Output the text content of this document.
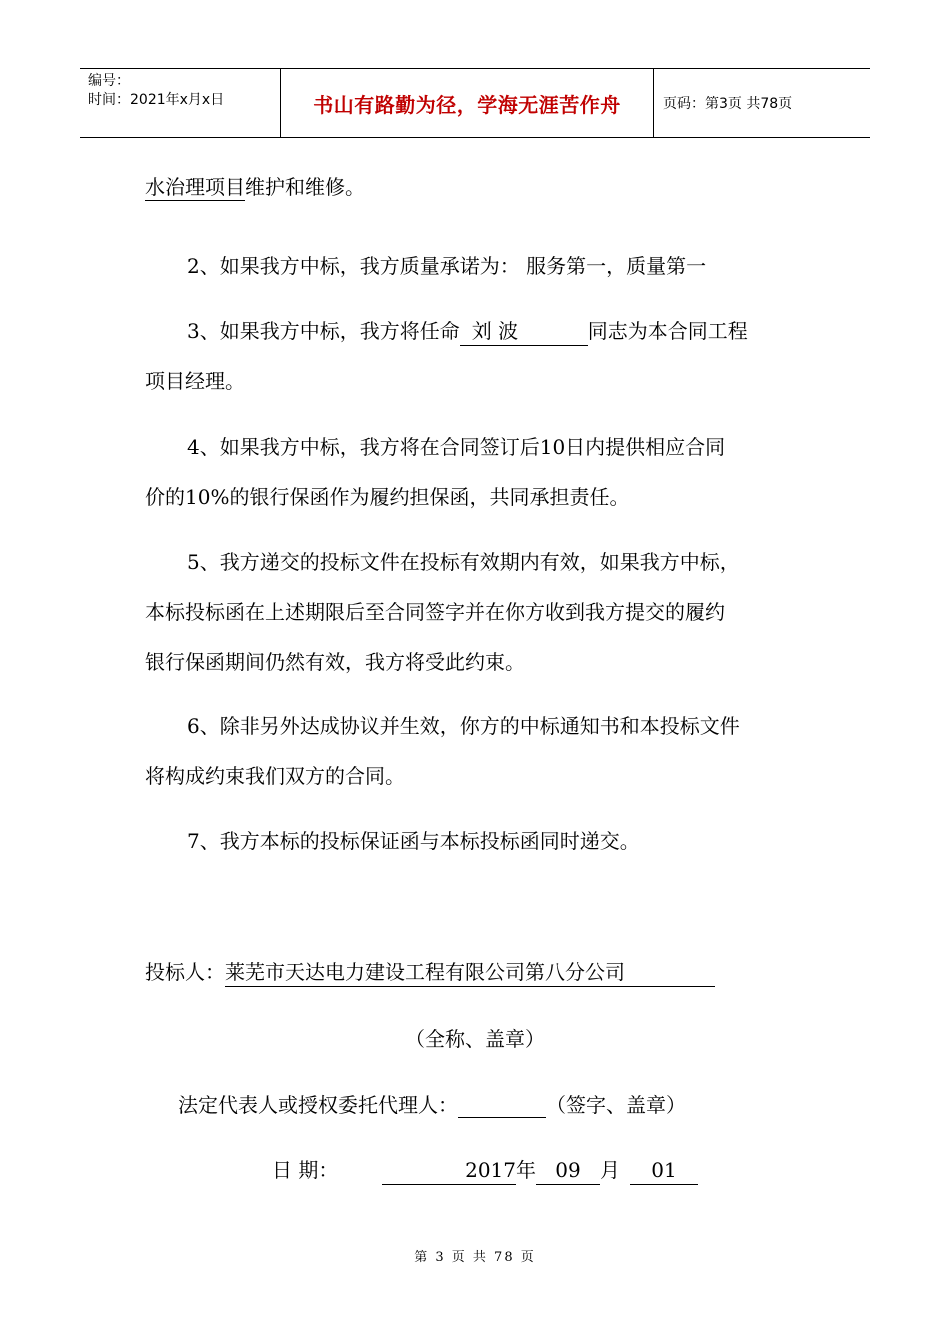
编号：
时间：2021年x月x日	书山有路勤为径，学海无涯苦作舟	页码：第3页 共78页
水治理项目维护和维修。
2、如果我方中标，我方质量承诺为： 服务第一，质量第一
3、如果我方中标，我方将任命 刘 波	同志为本合同工程
项目经理。
4、如果我方中标，我方将在合同签订后10日内提供相应合同
价的10%的银行保函作为履约担保函，共同承担责任。
5、我方递交的投标文件在投标有效期内有效，如果我方中标，
本标投标函在上述期限后至合同签字并在你方收到我方提交的履约
银行保函期间仍然有效，我方将受此约束。
6、除非另外达成协议并生效，你方的中标通知书和本投标文件
将构成约束我们双方的合同。
7、我方本标的投标保证函与本标投标函同时递交。
投标人：莱芜市天达电力建设工程有限公司第八分公司
（全称、盖章）
法定代表人或授权委托代理人：	（签字、盖章）
日 期：	2017年 09 月 01
第 3 页 共 78 页
